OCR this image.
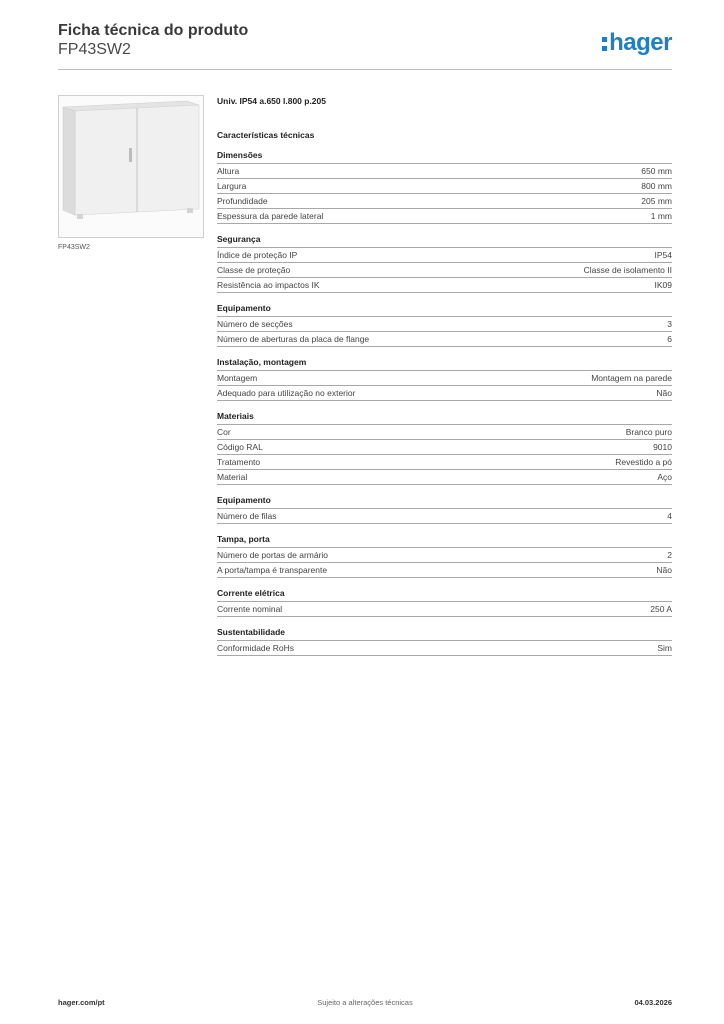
Ficha técnica do produto
FP43SW2	hager
FP43SW2
Univ. IP54 a.650 l.800 p.205
Características técnicas
Dimensões
Altura	650 mm
Largura	800 mm
Profundidade	205 mm
Espessura da parede lateral	1 mm
Segurança
Índice de proteção IP	IP54
Classe de proteção	Classe de isolamento II
Resistência ao impactos IK	IK09
Equipamento
Número de secções	3
Número de aberturas da placa de flange	6
Instalação, montagem
Montagem	Montagem na parede
Adequado para utilização no exterior	Não
Materiais
Cor	Branco puro
Código RAL	9010
Tratamento	Revestido a pó
Material	Aço
Equipamento
Número de filas	4
Tampa, porta
Número de portas de armário	2
A porta/tampa é transparente	Não
Corrente elétrica
Corrente nominal	250 A
Sustentabilidade
Conformidade RoHs	Sim
hager.com/pt	Sujeito a alterações técnicas	04.03.2026
